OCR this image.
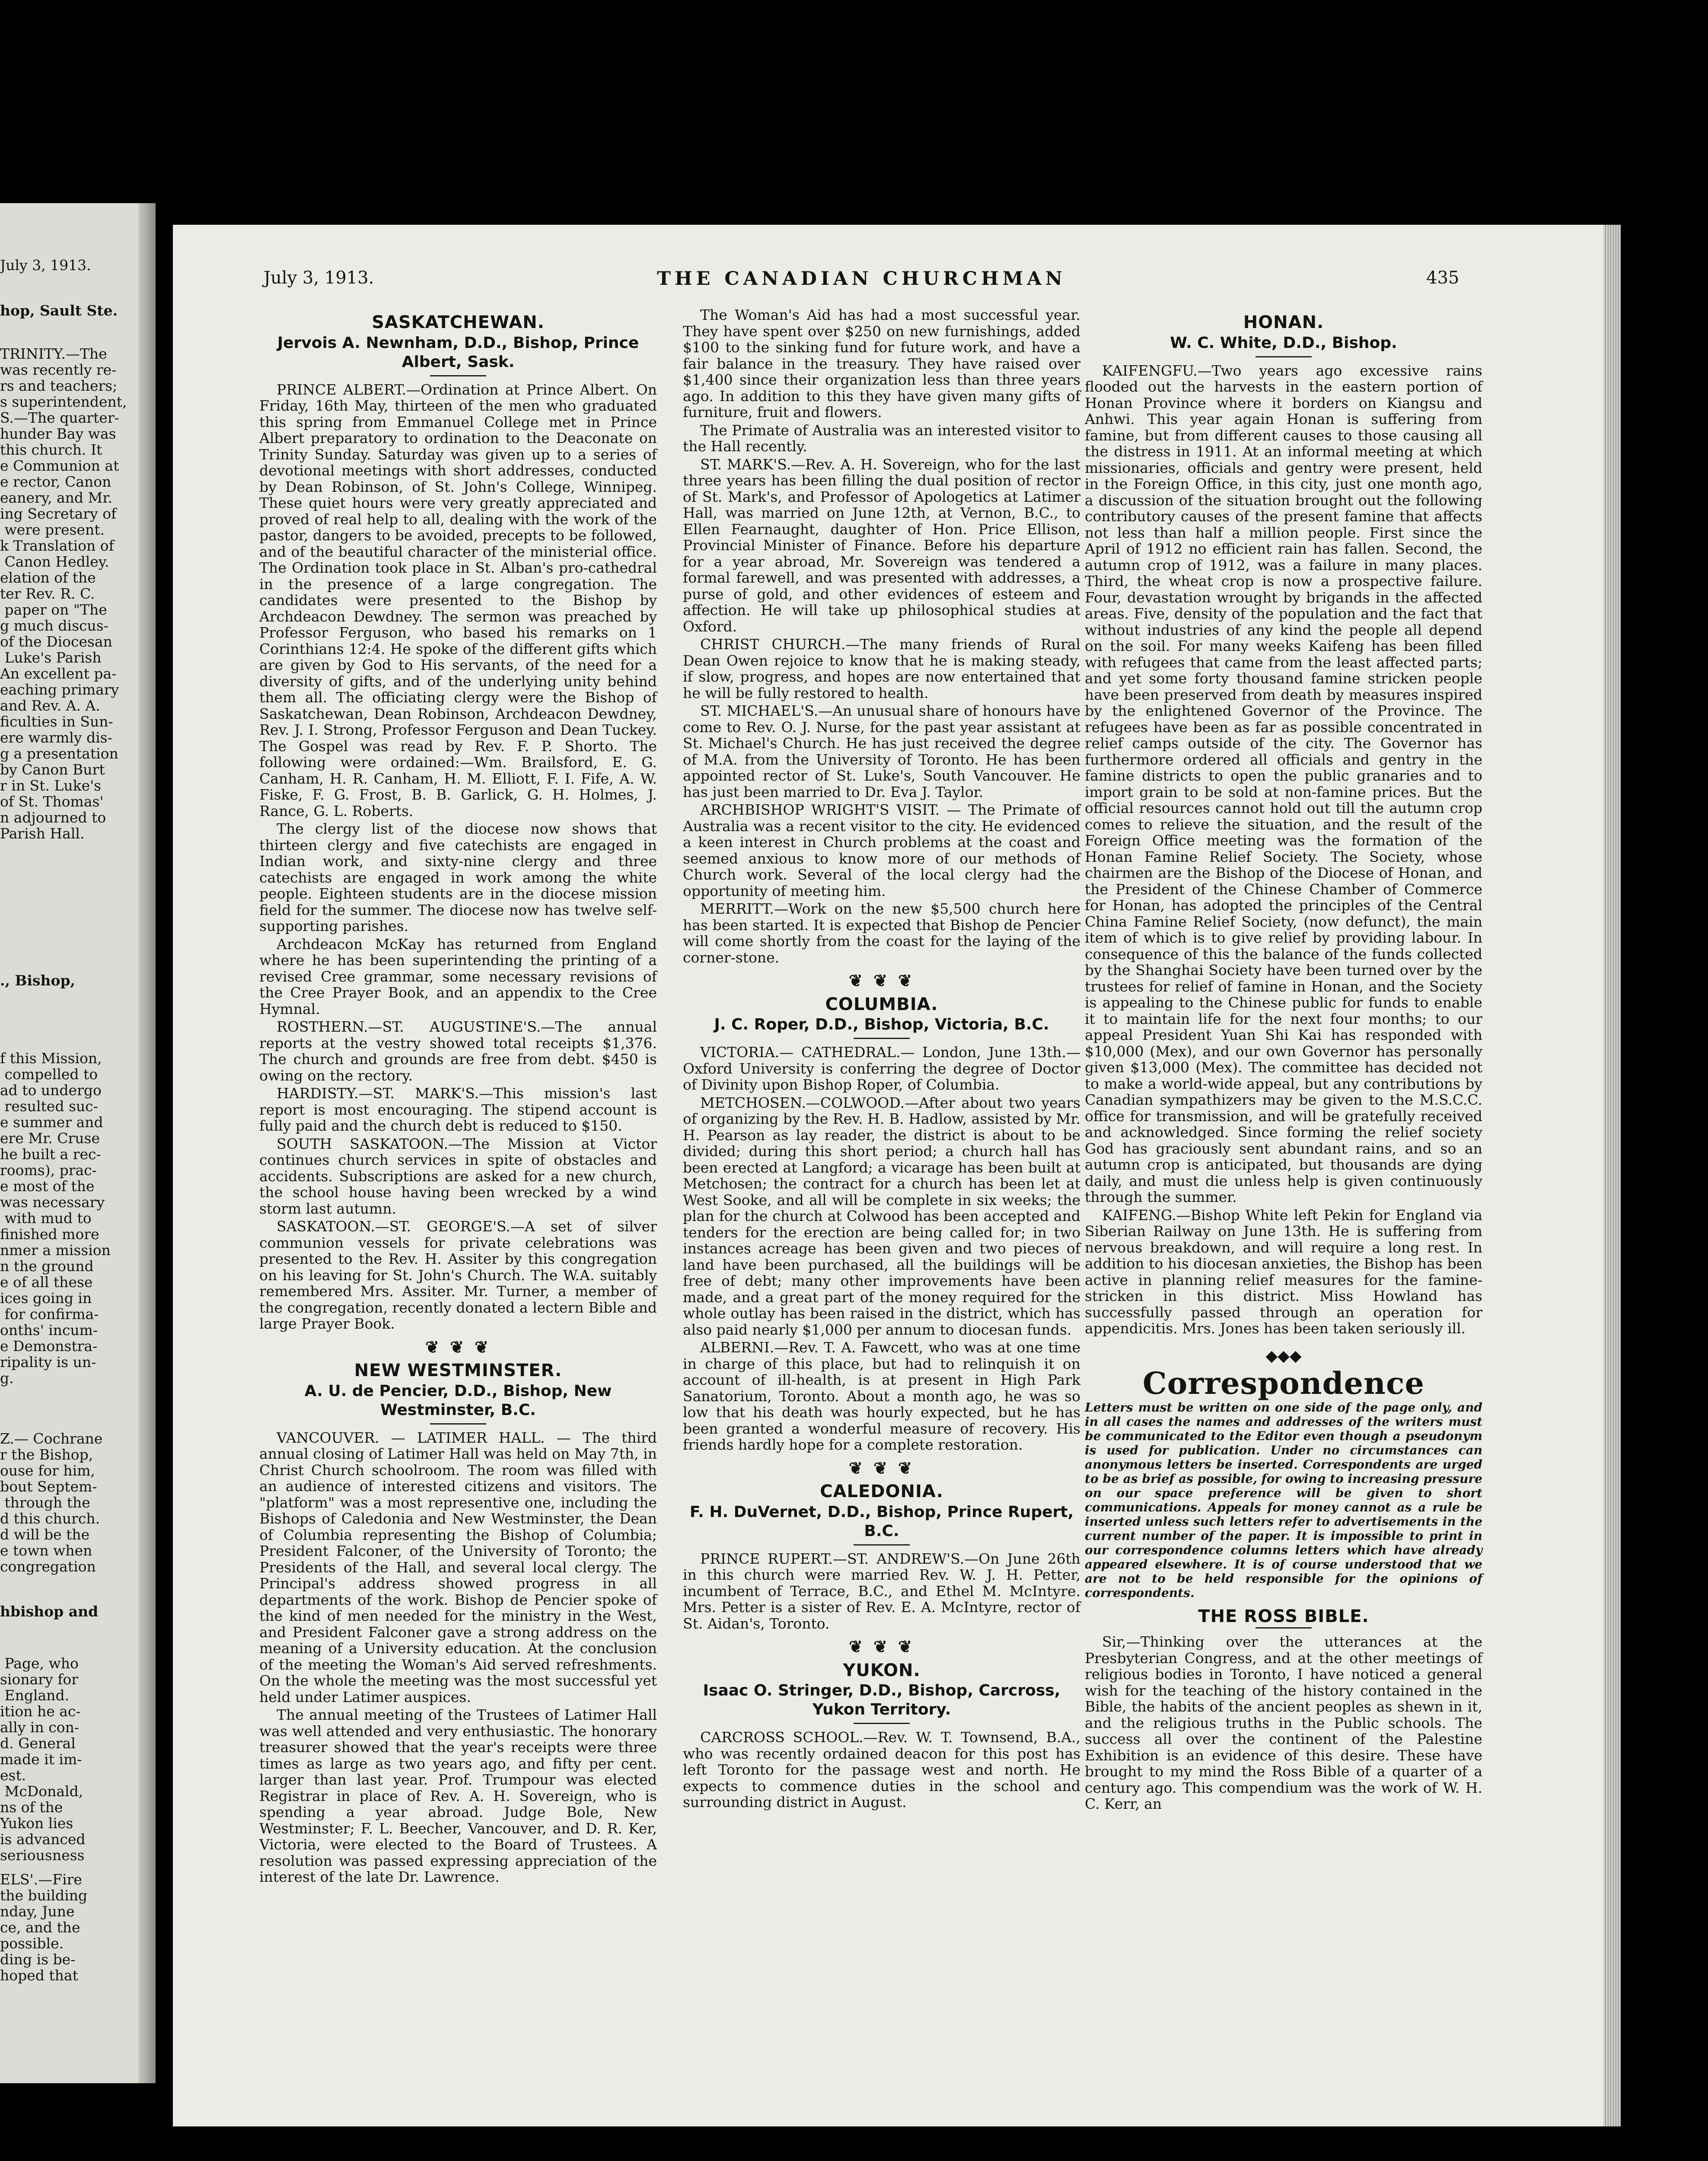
July 3, 1913.
hop, Sault Ste.
TRINITY.—The
was recently re-
rs and teachers;
s superintendent,
S.—The quarter-
hunder Bay was
this church. It
e Communion at
e rector, Canon
eanery, and Mr.
ing Secretary of
were present.
k Translation of
Canon Hedley.
elation of the
ter Rev. R. C.
paper on "The
g much discus-
of the Diocesan
Luke's Parish
An excellent pa-
eaching primary
and Rev. A. A.
ficulties in Sun-
ere warmly dis-
g a presentation
by Canon Burt
r in St. Luke's
of St. Thomas'
n adjourned to
Parish Hall.
., Bishop,
f this Mission,
compelled to
ad to undergo
resulted suc-
e summer and
ere Mr. Cruse
he built a rec-
rooms), prac-
e most of the
was necessary
with mud to
finished more
nmer a mission
n the ground
e of all these
ices going in
for confirma-
onths' incum-
e Demonstra-
ripality is un-
g.
Z.— Cochrane
r the Bishop,
ouse for him,
bout Septem-
through the
d this church.
d will be the
e town when
congregation
hbishop and
Page, who
sionary for
England.
ition he ac-
ally in con-
d. General
made it im-
est.
McDonald,
ns of the
Yukon lies
is advanced
seriousness
ELS'.—Fire
the building
nday, June
ce, and the
possible.
ding is be-
hoped that
July 3, 1913.	THE CANADIAN CHURCHMAN	435
SASKATCHEWAN.
Jervois A. Newnham, D.D., Bishop, Prince Albert, Sask.

PRINCE ALBERT.—Ordination at Prince Albert. On Friday, 16th May, thirteen of the men who graduated this spring from Emmanuel College met in Prince Albert preparatory to ordination to the Deaconate on Trinity Sunday. Saturday was given up to a series of devotional meetings with short addresses, conducted by Dean Robinson, of St. John's College, Winnipeg. These quiet hours were very greatly appreciated and proved of real help to all, dealing with the work of the pastor, dangers to be avoided, precepts to be followed, and of the beautiful character of the ministerial office. The Ordination took place in St. Alban's pro-cathedral in the presence of a large congregation. The candidates were presented to the Bishop by Archdeacon Dewdney. The sermon was preached by Professor Ferguson, who based his remarks on 1 Corinthians 12:4. He spoke of the different gifts which are given by God to His servants, of the need for a diversity of gifts, and of the underlying unity behind them all. The officiating clergy were the Bishop of Saskatchewan, Dean Robinson, Archdeacon Dewdney, Rev. J. I. Strong, Professor Ferguson and Dean Tuckey. The Gospel was read by Rev. F. P. Shorto. The following were ordained:—Wm. Brailsford, E. G. Canham, H. R. Canham, H. M. Elliott, F. I. Fife, A. W. Fiske, F. G. Frost, B. B. Garlick, G. H. Holmes, J. Rance, G. L. Roberts.

The clergy list of the diocese now shows that thirteen clergy and five catechists are engaged in Indian work, and sixty-nine clergy and three catechists are engaged in work among the white people. Eighteen students are in the diocese mission field for the summer. The diocese now has twelve self-supporting parishes.

Archdeacon McKay has returned from England where he has been superintending the printing of a revised Cree grammar, some necessary revisions of the Cree Prayer Book, and an appendix to the Cree Hymnal.

ROSTHERN.—ST. AUGUSTINE'S.—The annual reports at the vestry showed total receipts $1,376. The church and grounds are free from debt. $450 is owing on the rectory.

HARDISTY.—ST. MARK'S.—This mission's last report is most encouraging. The stipend account is fully paid and the church debt is reduced to $150.

SOUTH SASKATOON.—The Mission at Victor continues church services in spite of obstacles and accidents. Subscriptions are asked for a new church, the school house having been wrecked by a wind storm last autumn.

SASKATOON.—ST. GEORGE'S.—A set of silver communion vessels for private celebrations was presented to the Rev. H. Assiter by this congregation on his leaving for St. John's Church. The W.A. suitably remembered Mrs. Assiter. Mr. Turner, a member of the congregation, recently donated a lectern Bible and large Prayer Book.

❦ ❦ ❦
NEW WESTMINSTER.
A. U. de Pencier, D.D., Bishop, New Westminster, B.C.

VANCOUVER. — LATIMER HALL. — The third annual closing of Latimer Hall was held on May 7th, in Christ Church schoolroom. The room was filled with an audience of interested citizens and visitors. The "platform" was a most representive one, including the Bishops of Caledonia and New Westminster, the Dean of Columbia representing the Bishop of Columbia; President Falconer, of the University of Toronto; the Presidents of the Hall, and several local clergy. The Principal's address showed progress in all departments of the work. Bishop de Pencier spoke of the kind of men needed for the ministry in the West, and President Falconer gave a strong address on the meaning of a University education. At the conclusion of the meeting the Woman's Aid served refreshments. On the whole the meeting was the most successful yet held under Latimer auspices.

The annual meeting of the Trustees of Latimer Hall was well attended and very enthusiastic. The honorary treasurer showed that the year's receipts were three times as large as two years ago, and fifty per cent. larger than last year. Prof. Trumpour was elected Registrar in place of Rev. A. H. Sovereign, who is spending a year abroad. Judge Bole, New Westminster; F. L. Beecher, Vancouver, and D. R. Ker, Victoria, were elected to the Board of Trustees. A resolution was passed expressing appreciation of the interest of the late Dr. Lawrence.

The Woman's Aid has had a most successful year. They have spent over $250 on new furnishings, added $100 to the sinking fund for future work, and have a fair balance in the treasury. They have raised over $1,400 since their organization less than three years ago. In addition to this they have given many gifts of furniture, fruit and flowers.

The Primate of Australia was an interested visitor to the Hall recently.

ST. MARK'S.—Rev. A. H. Sovereign, who for the last three years has been filling the dual position of rector of St. Mark's, and Professor of Apologetics at Latimer Hall, was married on June 12th, at Vernon, B.C., to Ellen Fearnaught, daughter of Hon. Price Ellison, Provincial Minister of Finance. Before his departure for a year abroad, Mr. Sovereign was tendered a formal farewell, and was presented with addresses, a purse of gold, and other evidences of esteem and affection. He will take up philosophical studies at Oxford.

CHRIST CHURCH.—The many friends of Rural Dean Owen rejoice to know that he is making steady, if slow, progress, and hopes are now entertained that he will be fully restored to health.

ST. MICHAEL'S.—An unusual share of honours have come to Rev. O. J. Nurse, for the past year assistant at St. Michael's Church. He has just received the degree of M.A. from the University of Toronto. He has been appointed rector of St. Luke's, South Vancouver. He has just been married to Dr. Eva J. Taylor.

ARCHBISHOP WRIGHT'S VISIT. — The Primate of Australia was a recent visitor to the city. He evidenced a keen interest in Church problems at the coast and seemed anxious to know more of our methods of Church work. Several of the local clergy had the opportunity of meeting him.

MERRITT.—Work on the new $5,500 church here has been started. It is expected that Bishop de Pencier will come shortly from the coast for the laying of the corner-stone.

❦ ❦ ❦
COLUMBIA.
J. C. Roper, D.D., Bishop, Victoria, B.C.

VICTORIA.— CATHEDRAL.— London, June 13th.—Oxford University is conferring the degree of Doctor of Divinity upon Bishop Roper, of Columbia.

METCHOSEN.—COLWOOD.—After about two years of organizing by the Rev. H. B. Hadlow, assisted by Mr. H. Pearson as lay reader, the district is about to be divided; during this short period; a church hall has been erected at Langford; a vicarage has been built at Metchosen; the contract for a church has been let at West Sooke, and all will be complete in six weeks; the plan for the church at Colwood has been accepted and tenders for the erection are being called for; in two instances acreage has been given and two pieces of land have been purchased, all the buildings will be free of debt; many other improvements have been made, and a great part of the money required for the whole outlay has been raised in the district, which has also paid nearly $1,000 per annum to diocesan funds.

ALBERNI.—Rev. T. A. Fawcett, who was at one time in charge of this place, but had to relinquish it on account of ill-health, is at present in High Park Sanatorium, Toronto. About a month ago, he was so low that his death was hourly expected, but he has been granted a wonderful measure of recovery. His friends hardly hope for a complete restoration.

❦ ❦ ❦
CALEDONIA.
F. H. DuVernet, D.D., Bishop, Prince Rupert, B.C.

PRINCE RUPERT.—ST. ANDREW'S.—On June 26th in this church were married Rev. W. J. H. Petter, incumbent of Terrace, B.C., and Ethel M. McIntyre. Mrs. Petter is a sister of Rev. E. A. McIntyre, rector of St. Aidan's, Toronto.

❦ ❦ ❦
YUKON.
Isaac O. Stringer, D.D., Bishop, Carcross, Yukon Territory.

CARCROSS SCHOOL.—Rev. W. T. Townsend, B.A., who was recently ordained deacon for this post has left Toronto for the passage west and north. He expects to commence duties in the school and surrounding district in August.

HONAN.
W. C. White, D.D., Bishop.

KAIFENGFU.—Two years ago excessive rains flooded out the harvests in the eastern portion of Honan Province where it borders on Kiangsu and Anhwi. This year again Honan is suffering from famine, but from different causes to those causing all the distress in 1911. At an informal meeting at which missionaries, officials and gentry were present, held in the Foreign Office, in this city, just one month ago, a discussion of the situation brought out the following contributory causes of the present famine that affects not less than half a million people. First since the April of 1912 no efficient rain has fallen. Second, the autumn crop of 1912, was a failure in many places. Third, the wheat crop is now a prospective failure. Four, devastation wrought by brigands in the affected areas. Five, density of the population and the fact that without industries of any kind the people all depend on the soil. For many weeks Kaifeng has been filled with refugees that came from the least affected parts; and yet some forty thousand famine stricken people have been preserved from death by measures inspired by the enlightened Governor of the Province. The refugees have been as far as possible concentrated in relief camps outside of the city. The Governor has furthermore ordered all officials and gentry in the famine districts to open the public granaries and to import grain to be sold at non-famine prices. But the official resources cannot hold out till the autumn crop comes to relieve the situation, and the result of the Foreign Office meeting was the formation of the Honan Famine Relief Society. The Society, whose chairmen are the Bishop of the Diocese of Honan, and the President of the Chinese Chamber of Commerce for Honan, has adopted the principles of the Central China Famine Relief Society, (now defunct), the main item of which is to give relief by providing labour. In consequence of this the balance of the funds collected by the Shanghai Society have been turned over by the trustees for relief of famine in Honan, and the Society is appealing to the Chinese public for funds to enable it to maintain life for the next four months; to our appeal President Yuan Shi Kai has responded with $10,000 (Mex), and our own Governor has personally given $13,000 (Mex). The committee has decided not to make a world-wide appeal, but any contributions by Canadian sympathizers may be given to the M.S.C.C. office for transmission, and will be gratefully received and acknowledged. Since forming the relief society God has graciously sent abundant rains, and so an autumn crop is anticipated, but thousands are dying daily, and must die unless help is given continuously through the summer.

KAIFENG.—Bishop White left Pekin for England via Siberian Railway on June 13th. He is suffering from nervous breakdown, and will require a long rest. In addition to his diocesan anxieties, the Bishop has been active in planning relief measures for the famine-stricken in this district. Miss Howland has successfully passed through an operation for appendicitis. Mrs. Jones has been taken seriously ill.

◆◆◆
Correspondence
Letters must be written on one side of the page only, and in all cases the names and addresses of the writers must be communicated to the Editor even though a pseudonym is used for publication. Under no circumstances can anonymous letters be inserted. Correspondents are urged to be as brief as possible, for owing to increasing pressure on our space preference will be given to short communications. Appeals for money cannot as a rule be inserted unless such letters refer to advertisements in the current number of the paper. It is impossible to print in our correspondence columns letters which have already appeared elsewhere. It is of course understood that we are not to be held responsible for the opinions of correspondents.
THE ROSS BIBLE.

Sir,—Thinking over the utterances at the Presbyterian Congress, and at the other meetings of religious bodies in Toronto, I have noticed a general wish for the teaching of the history contained in the Bible, the habits of the ancient peoples as shewn in it, and the religious truths in the Public schools. The success all over the continent of the Palestine Exhibition is an evidence of this desire. These have brought to my mind the Ross Bible of a quarter of a century ago. This compendium was the work of W. H. C. Kerr, an
